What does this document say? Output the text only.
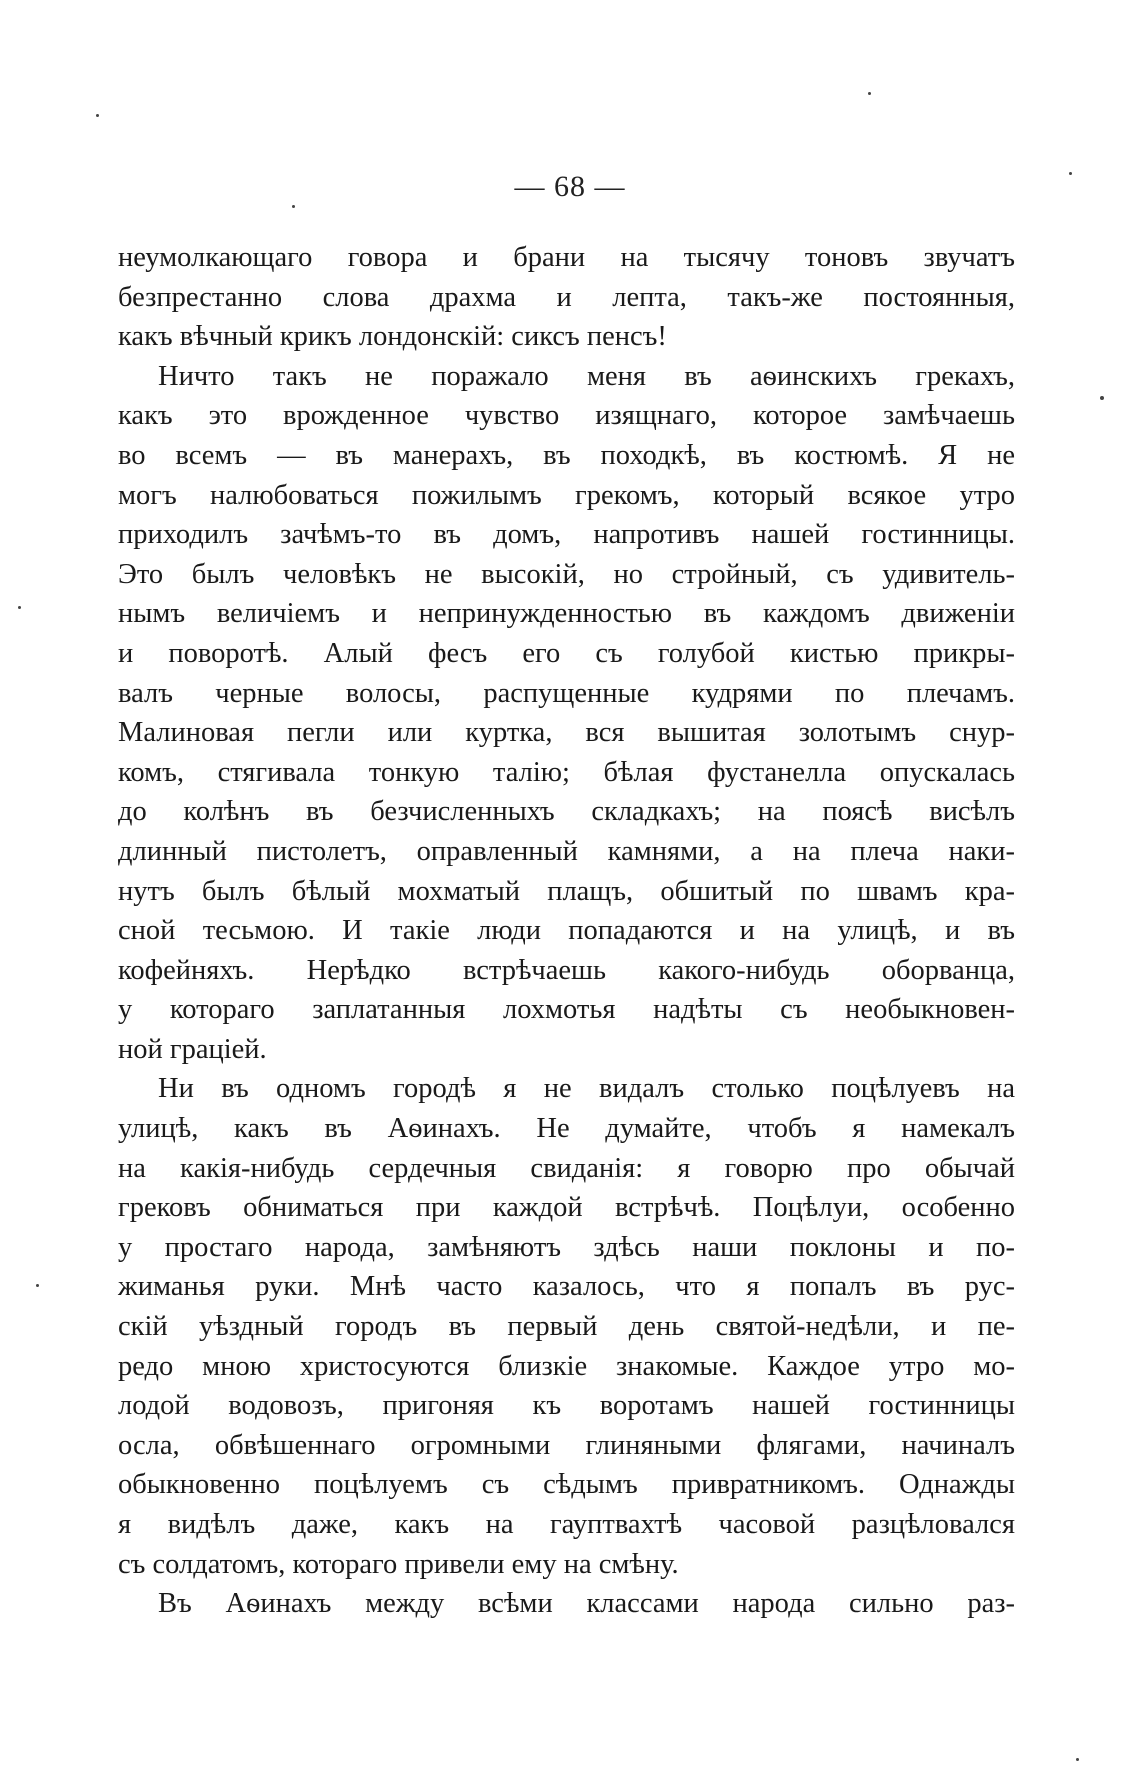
— 68 —
неумолкающаго говора и брани на тысячу тоновъ звучатъ
безпрестанно слова драхма и лепта, такъ-же постоянныя,
какъ вѣчный крикъ лондонскій: сиксъ пенсъ!
Ничто такъ не поражало меня въ аѳинскихъ грекахъ,
какъ это врожденное чувство изящнаго, которое замѣчаешь
во всемъ — въ манерахъ, въ походкѣ, въ костюмѣ. Я не
могъ налюбоваться пожилымъ грекомъ, который всякое утро
приходилъ зачѣмъ-то въ домъ, напротивъ нашей гостинницы.
Это былъ человѣкъ не высокій, но стройный, съ удивитель-
нымъ величіемъ и непринужденностью въ каждомъ движеніи
и поворотѣ. Алый фесъ его съ голубой кистью прикры-
валъ черные волосы, распущенные кудрями по плечамъ.
Малиновая пегли или куртка, вся вышитая золотымъ снур-
комъ, стягивала тонкую талію; бѣлая фустанелла опускалась
до колѣнъ въ безчисленныхъ складкахъ; на поясѣ висѣлъ
длинный пистолетъ, оправленный камнями, а на плеча наки-
нутъ былъ бѣлый мохматый плащъ, обшитый по швамъ кра-
сной тесьмою. И такіе люди попадаются и на улицѣ, и въ
кофейняхъ. Нерѣдко встрѣчаешь какого-нибудь оборванца,
у котораго заплатанныя лохмотья надѣты съ необыкновен-
ной граціей.
Ни въ одномъ городѣ я не видалъ столько поцѣлуевъ на
улицѣ, какъ въ Аѳинахъ. Не думайте, чтобъ я намекалъ
на какія-нибудь сердечныя свиданія: я говорю про обычай
грековъ обниматься при каждой встрѣчѣ. Поцѣлуи, особенно
у простаго народа, замѣняютъ здѣсь наши поклоны и по-
жиманья руки. Мнѣ часто казалось, что я попалъ въ рус-
скій уѣздный городъ въ первый день святой-недѣли, и пе-
редо мною христосуются близкіе знакомые. Каждое утро мо-
лодой водовозъ, пригоняя къ воротамъ нашей гостинницы
осла, обвѣшеннаго огромными глиняными флягами, начиналъ
обыкновенно поцѣлуемъ съ сѣдымъ привратникомъ. Однажды
я видѣлъ даже, какъ на гауптвахтѣ часовой разцѣловался
съ солдатомъ, котораго привели ему на смѣну.
Въ Аѳинахъ между всѣми классами народа сильно раз-
